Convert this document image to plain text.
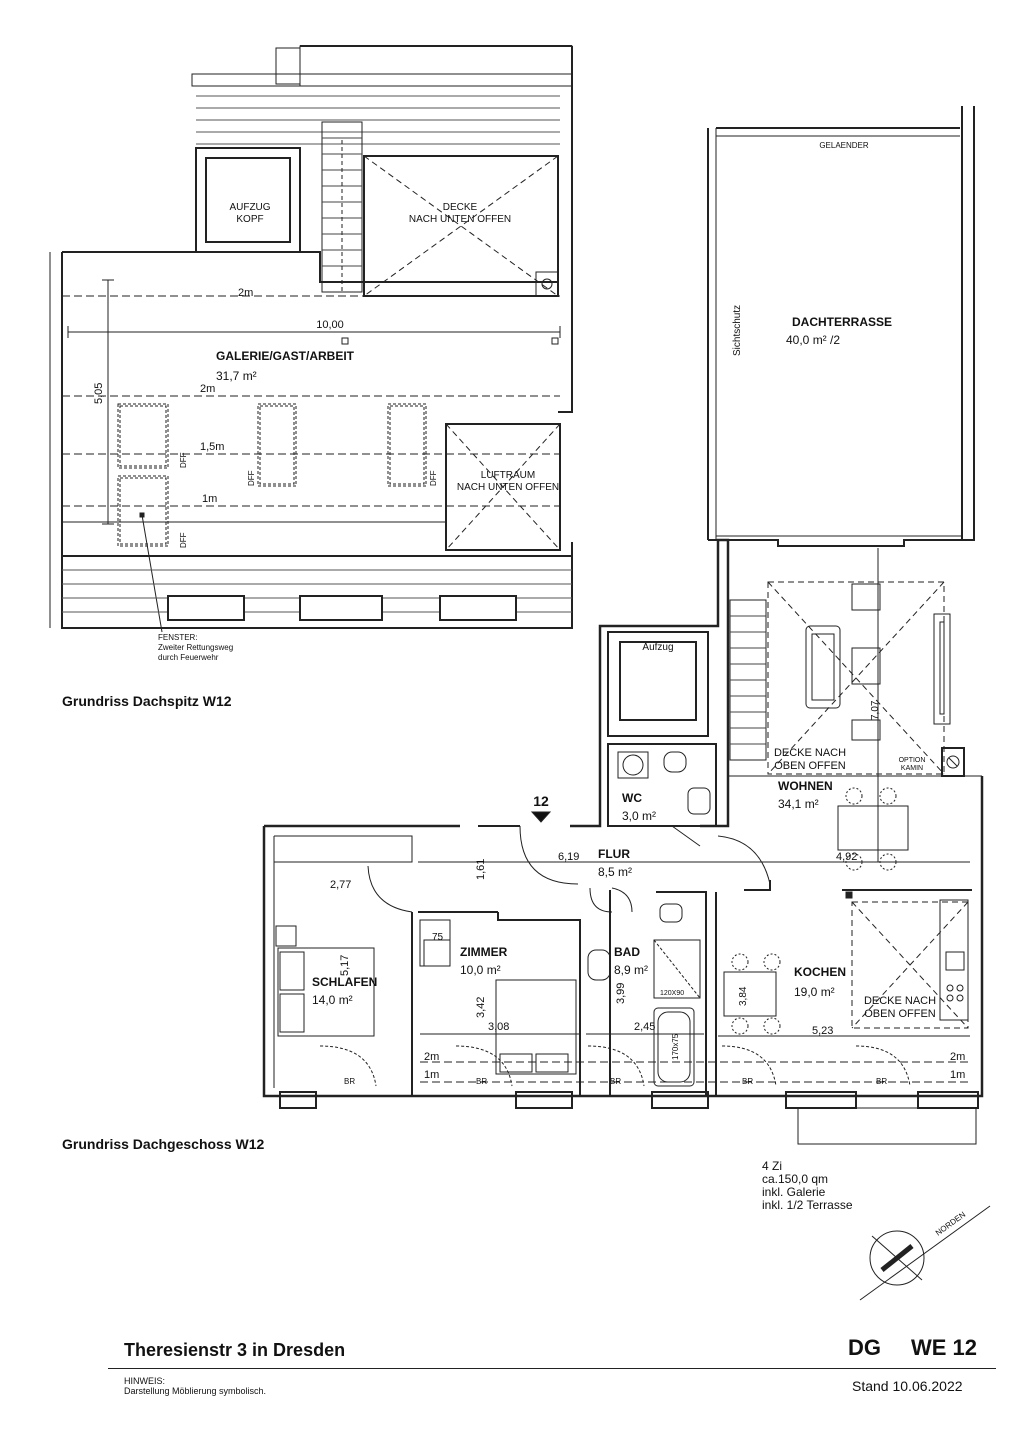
AUFZUG
KOPF
DECKE
NACH UNTEN OFFEN
GELAENDER
DACHTERRASSE
40,0 m² /2
Sichtschutz
2m
10,00
GALERIE/GAST/ARBEIT
31,7 m²
5,05	2m
1,5m
1m
DFF
DFF
DFF	DFF	LUFTRAUM
NACH UNTEN OFFEN
FENSTER:
Zweiter Rettungsweg
durch Feuerwehr
Aufzug
DECKE NACH
OBEN OFFEN	OPTION
KAMIN
7,07
WOHNEN
34,1 m²
WC
3,0 m²
12
6,19 FLUR
8,5 m²
4,92
2,77
1,61
5,17
SCHLAFEN
14,0 m²
75
ZIMMER
10,0 m²
3,42
3,08
BAD
8,9 m²
3,99	120X90
170x75
2,45
3,84
KOCHEN
19,0 m²
DECKE NACH
OBEN OFFEN
5,23
2m
1m
2m
1m
BR	BR	BR	BR	BR
NORDEN
Grundriss Dachspitz W12
Grundriss Dachgeschoss W12
4 Zi
ca.150,0 qm
inkl. Galerie
inkl. 1/2 Terrasse
Theresienstr 3 in Dresden	DG WE 12
HINWEIS:
Darstellung Möblierung symbolisch.	Stand 10.06.2022
